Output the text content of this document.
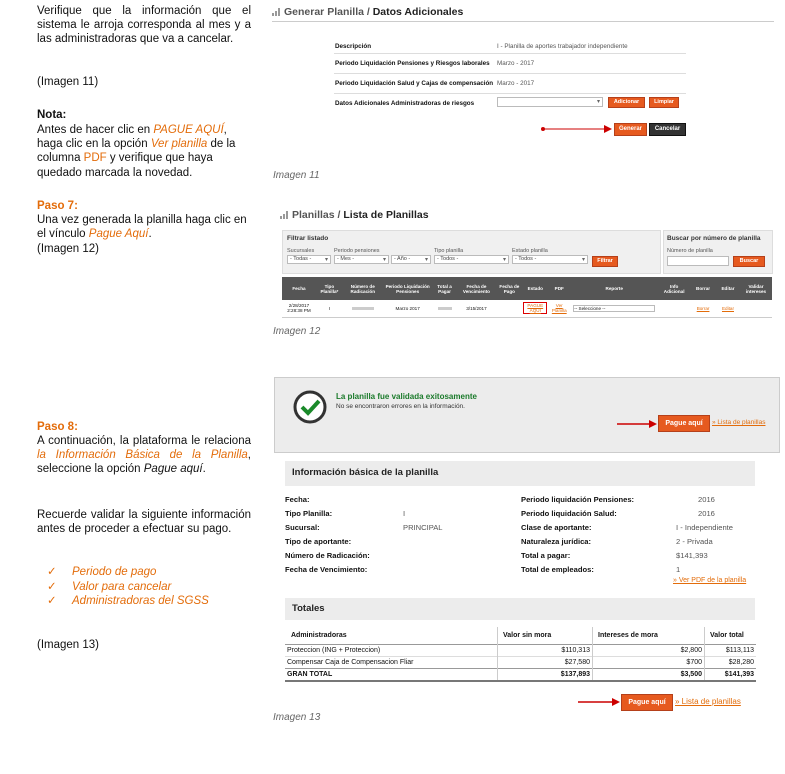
Verifique que la información que el sistema le arroja corresponda al mes y a las administradoras que va a cancelar.
(Imagen 11)
Nota:
Antes de hacer clic en PAGUE AQUÍ, haga clic en la opción Ver planilla de la columna PDF y verifique que haya quedado marcada la novedad.
Paso 7:
Una vez generada la planilla haga clic en el vínculo Pague Aquí.
(Imagen 12)
Paso 8:
A continuación, la plataforma le relaciona la Información Básica de la Planilla, seleccione la opción Pague aquí.
Recuerde validar la siguiente información antes de proceder a efectuar su pago.
✓ Periodo de pago
✓ Valor para cancelar
✓ Administradoras del SGSS
(Imagen 13)
Generar Planilla / Datos Adicionales
Descripción	I - Planilla de aportes trabajador independiente
Periodo Liquidación Pensiones y Riesgos laborales	Marzo - 2017
Periodo Liquidación Salud y Cajas de compensación	Marzo - 2017
Datos Adicionales Administradoras de riesgos	▾	Adicionar	Limpiar
Generar	Cancelar
Imagen 11
Planillas / Lista de Planillas
Filtrar listado
Sucursales	Periodo pensiones	Tipo planilla	Estado planilla
- Todas - ▾	- Mes - ▾	- Año - ▾	- Todos - ▾	- Todos - ▾	Filtrar
Buscar por número de planilla
Número de planilla
Buscar
Fecha	Tipo Planilla*	Número de Radicación	Periodo Liquidación Pensiones	Total a Pagar	Fecha de Vencimiento	Fecha de Pago	Estado	PDF	Reporte	Info Adicional	Borrar	Editar	Validar intereses
2/28/2017 2:28:38 PM	I		Marzo 2017		3/15/2017		PAGUE AQUÍ	Ver Planilla	-- Seleccione --		Borrar	Editar	
Imagen 12
La planilla fue validada exitosamente
No se encontraron errores en la información.
Pague aquí	» Lista de planillas
Información básica de la planilla
Fecha:	
Tipo Planilla:	I
Sucursal:	PRINCIPAL
Tipo de aportante:	
Número de Radicación:	
Fecha de Vencimiento:	
Periodo liquidación Pensiones:	2016
Periodo liquidación Salud:	2016
Clase de aportante:	I - Independiente
Naturaleza jurídica:	2 - Privada
Total a pagar:	$141,393
Total de empleados:	1
» Ver PDF de la planilla
Totales
Administradoras	Valor sin mora	Intereses de mora	Valor total
Proteccion (ING + Proteccion)	$110,313	$2,800	$113,113
Compensar Caja de Compensacion Fliar	$27,580	$700	$28,280
GRAN TOTAL	$137,893	$3,500	$141,393
Pague aquí	» Lista de planillas
Imagen 13
